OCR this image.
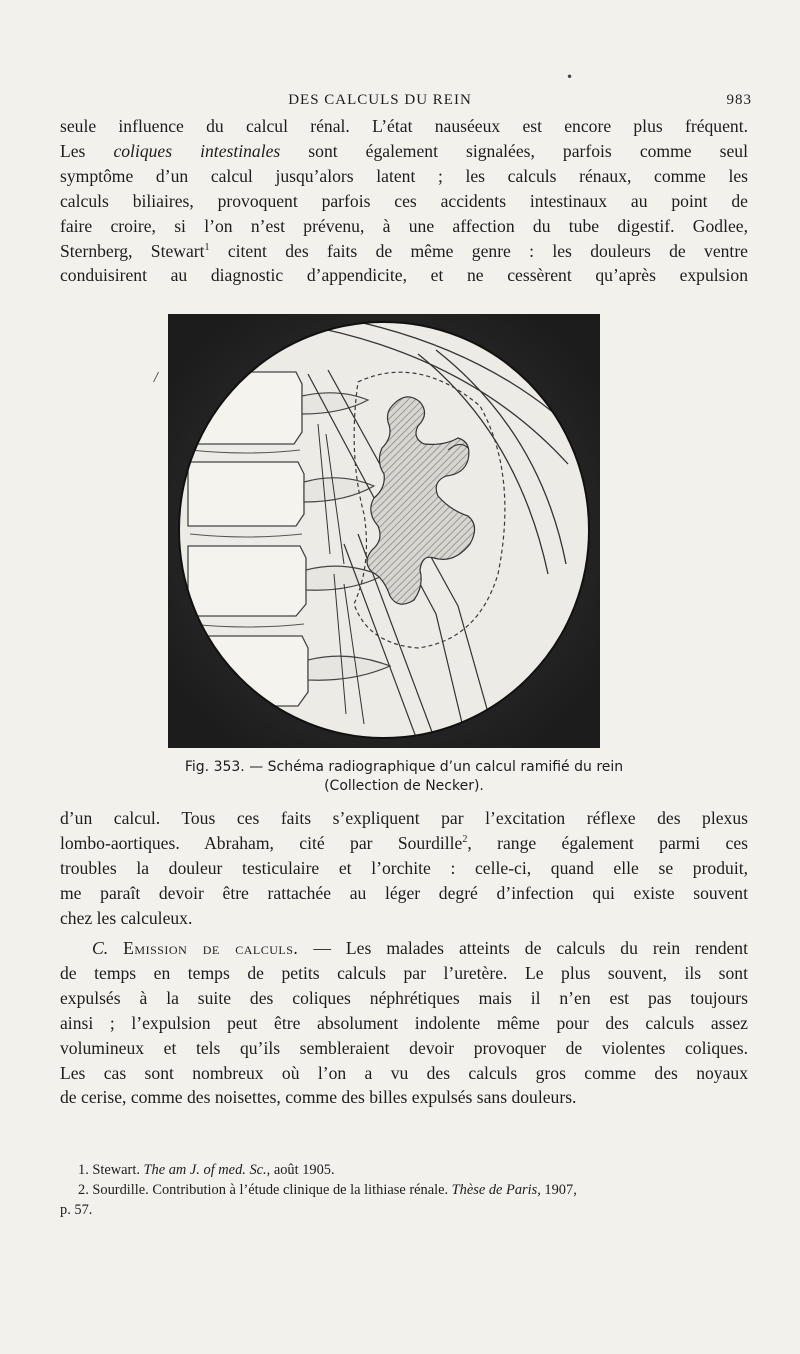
•
DES CALCULS DU REIN	983

seule influence du calcul rénal. L’état nauséeux est encore plus fréquent.
Les coliques intestinales sont également signalées, parfois comme seul
symptôme d’un calcul jusqu’alors latent ; les calculs rénaux, comme les
calculs biliaires, provoquent parfois ces accidents intestinaux au point de
faire croire, si l’on n’est prévenu, à une affection du tube digestif. Godlee,
Sternberg, Stewart$^1$ citent des faits de même genre : les douleurs de ventre
conduisirent au diagnostic d’appendicite, et ne cessèrent qu’après expulsion

/
Fig. 353. — Schéma radiographique d’un calcul ramifié du rein
(Collection de Necker).

d’un calcul. Tous ces faits s’expliquent par l’excitation réflexe des plexus
lombo-aortiques. Abraham, cité par Sourdille$^2$, range également parmi ces
troubles la douleur testiculaire et l’orchite : celle-ci, quand elle se produit,
me paraît devoir être rattachée au léger degré d’infection qui existe souvent
chez les calculeux.

C. Emission de calculs. — Les malades atteints de calculs du rein rendent
de temps en temps de petits calculs par l’uretère. Le plus souvent, ils sont
expulsés à la suite des coliques néphrétiques mais il n’en est pas toujours
ainsi ; l’expulsion peut être absolument indolente même pour des calculs assez
volumineux et tels qu’ils sembleraient devoir provoquer de violentes coliques.
Les cas sont nombreux où l’on a vu des calculs gros comme des noyaux
de cerise, comme des noisettes, comme des billes expulsés sans douleurs.

1. Stewart. The am J. of med. Sc., août 1905.
2. Sourdille. Contribution à l’étude clinique de la lithiase rénale. Thèse de Paris, 1907,
p. 57.
